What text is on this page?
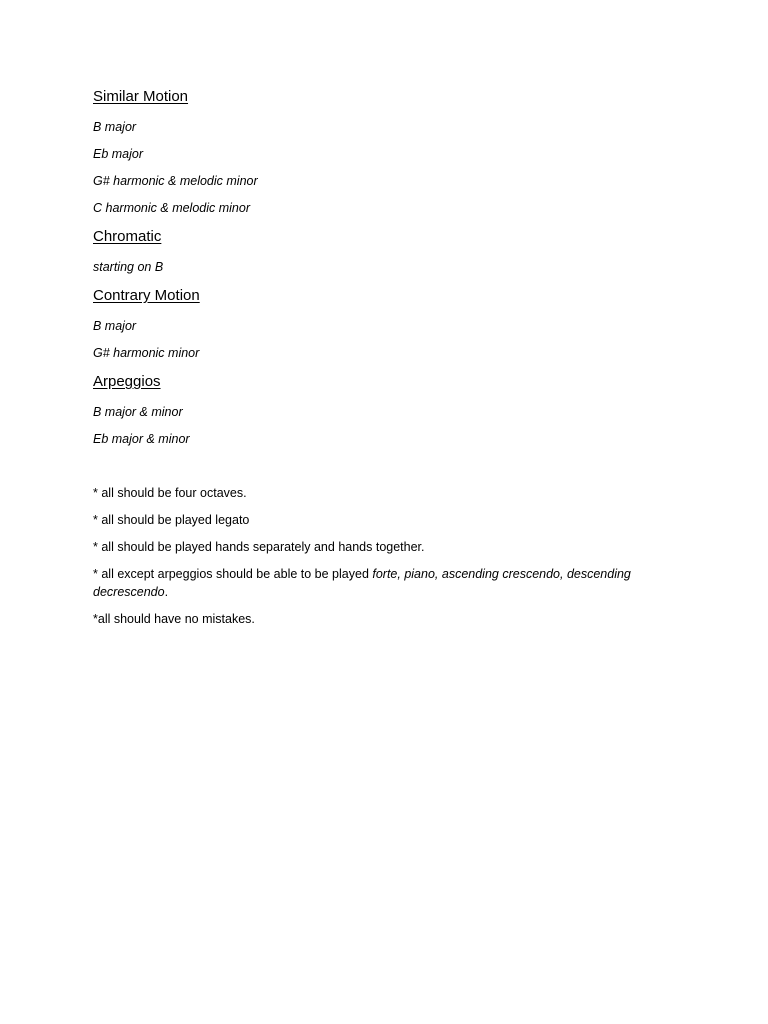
Similar Motion

B major

Eb major

G# harmonic & melodic minor

C harmonic & melodic minor

Chromatic

starting on B

Contrary Motion

B major

G# harmonic minor

Arpeggios

B major & minor

Eb major & minor

* all should be four octaves.

* all should be played legato

* all should be played hands separately and hands together.

* all except arpeggios should be able to be played forte, piano, ascending crescendo, descending decrescendo.

*all should have no mistakes.
